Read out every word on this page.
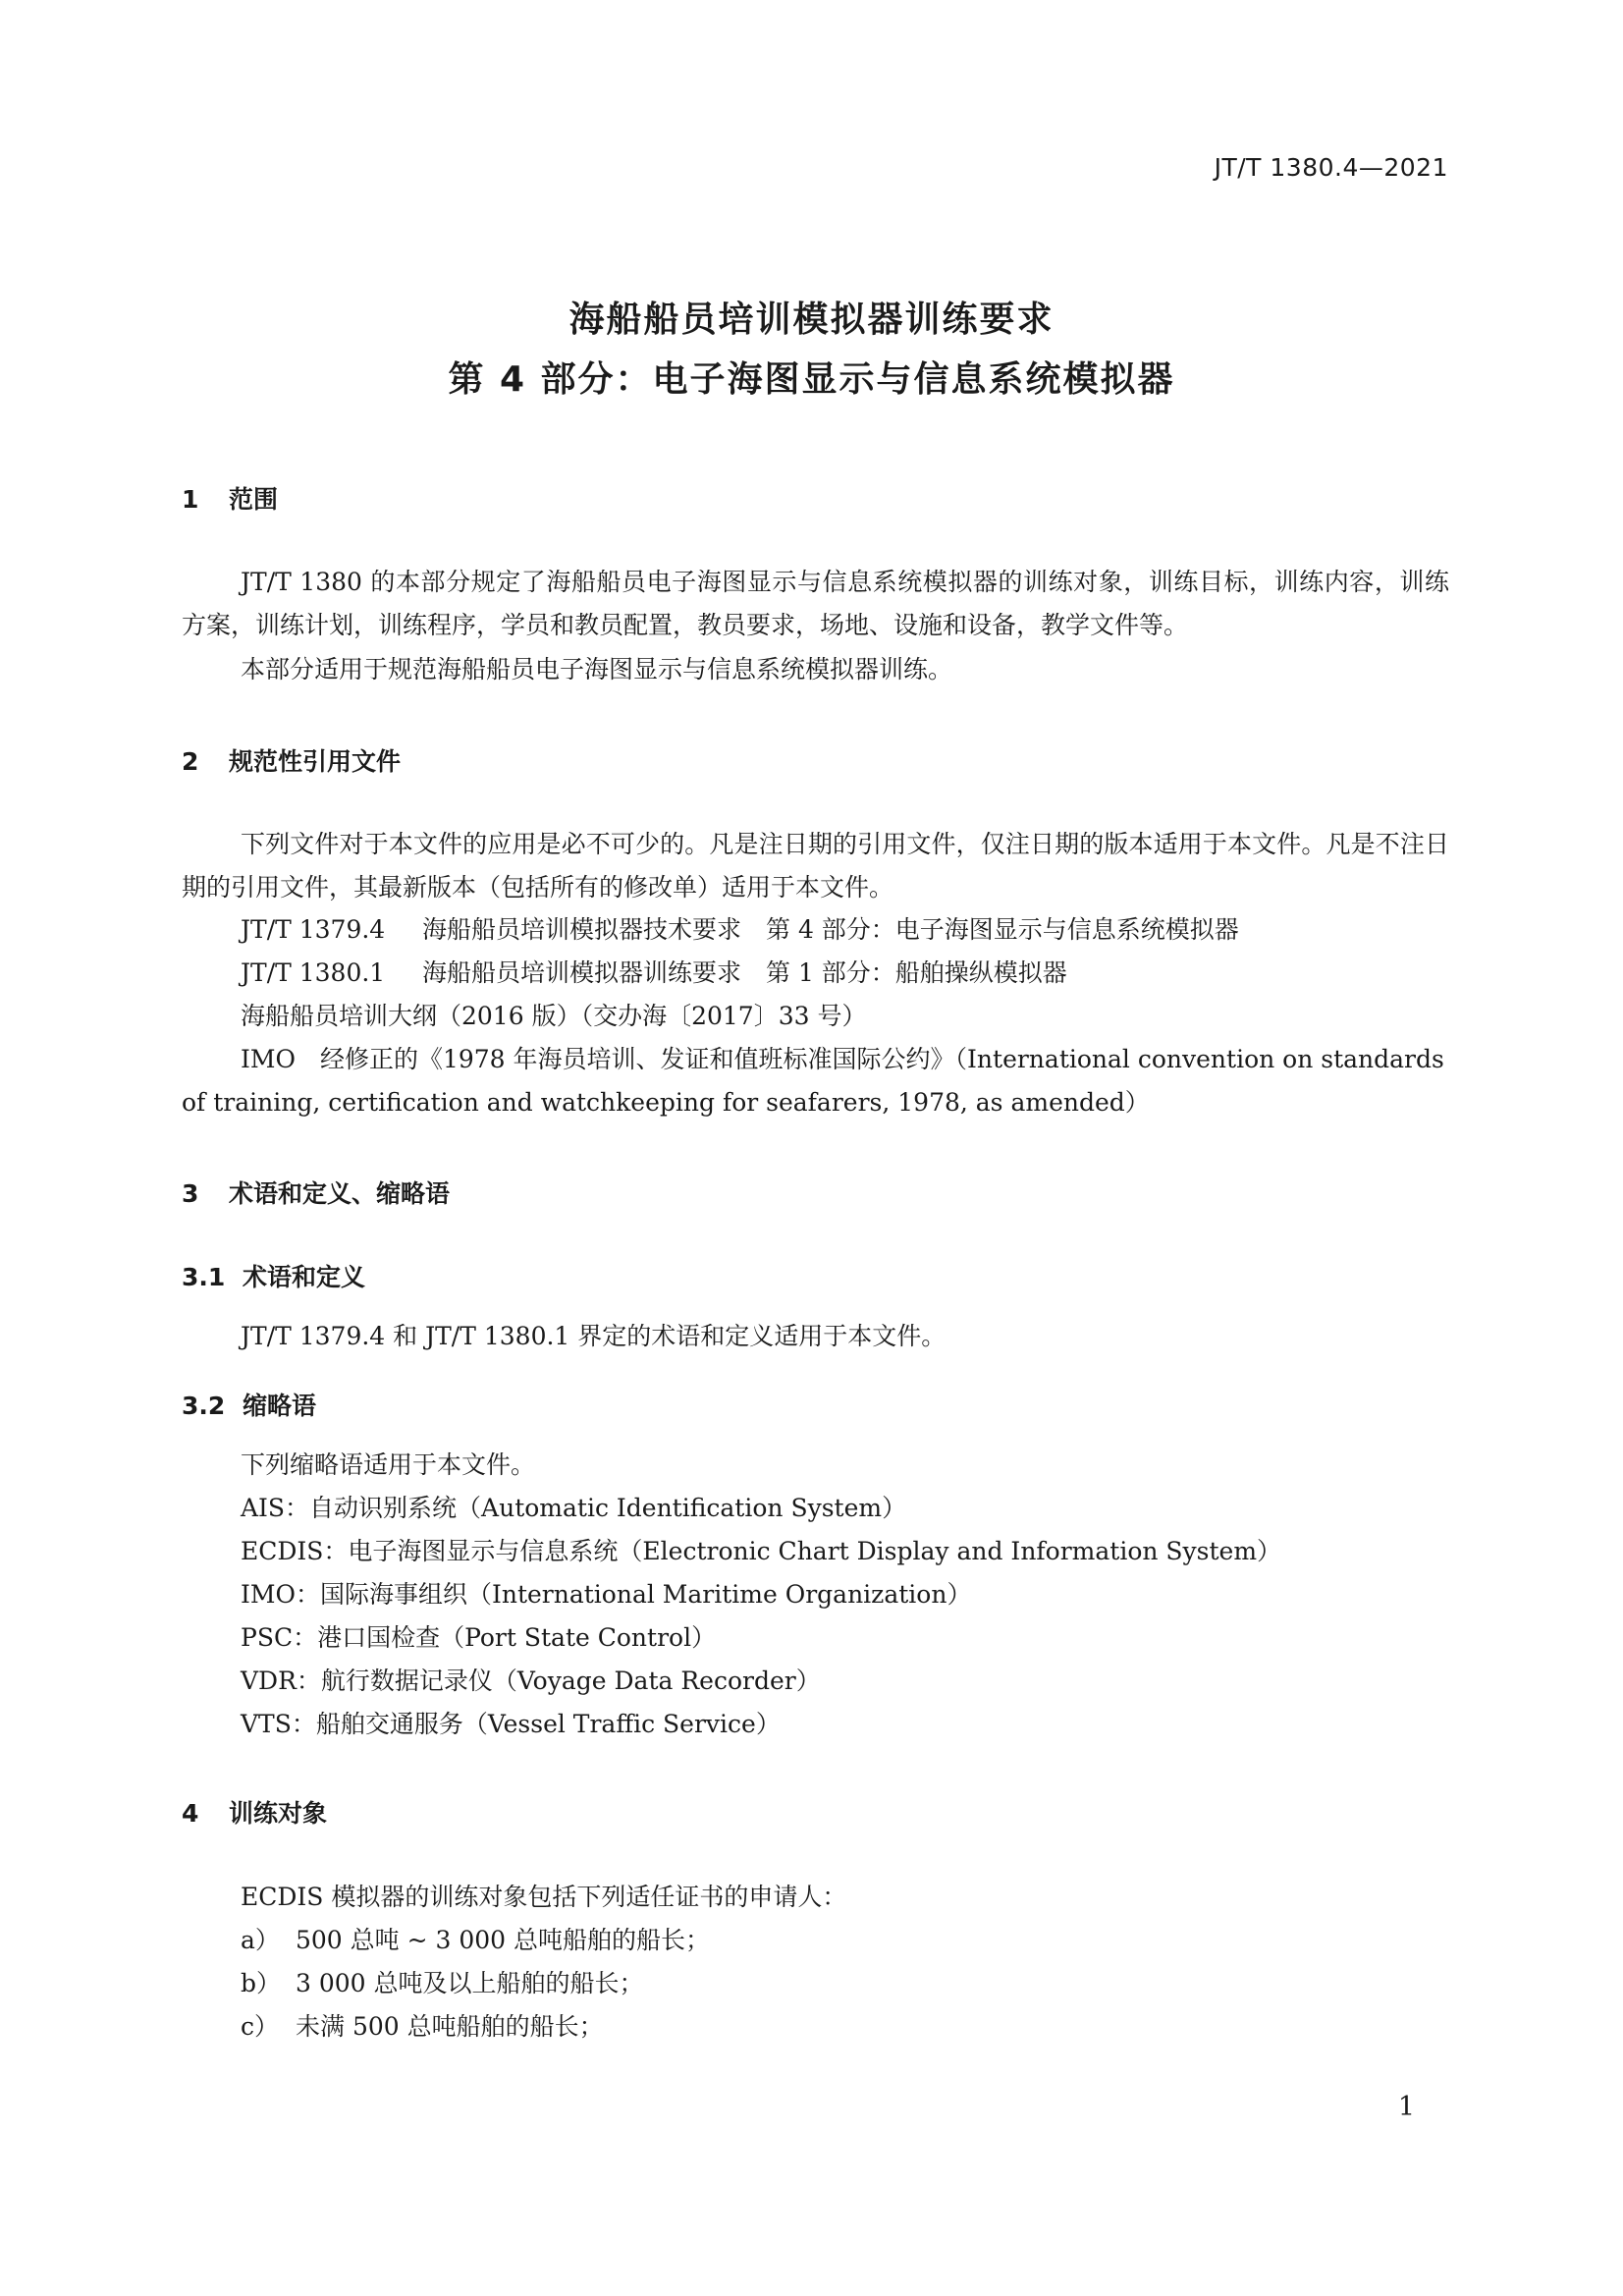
JT/T 1380.4—2021
海船船员培训模拟器训练要求
第 4 部分：电子海图显示与信息系统模拟器
1 范围
JT/T 1380 的本部分规定了海船船员电子海图显示与信息系统模拟器的训练对象，训练目标，训练内容，训练方案，训练计划，训练程序，学员和教员配置，教员要求，场地、设施和设备，教学文件等。
本部分适用于规范海船船员电子海图显示与信息系统模拟器训练。
2 规范性引用文件
下列文件对于本文件的应用是必不可少的。凡是注日期的引用文件，仅注日期的版本适用于本文件。凡是不注日期的引用文件，其最新版本（包括所有的修改单）适用于本文件。
JT/T 1379.4 海船船员培训模拟器技术要求　第 4 部分：电子海图显示与信息系统模拟器
JT/T 1380.1 海船船员培训模拟器训练要求　第 1 部分：船舶操纵模拟器
海船船员培训大纲（2016 版）（交办海〔2017〕33 号）
IMO　经修正的《1978 年海员培训、发证和值班标准国际公约》（International convention on standards
of training, certification and watchkeeping for seafarers, 1978, as amended）
3 术语和定义、缩略语
3.1 术语和定义
JT/T 1379.4 和 JT/T 1380.1 界定的术语和定义适用于本文件。
3.2 缩略语
下列缩略语适用于本文件。
AIS：自动识别系统（Automatic Identification System）
ECDIS：电子海图显示与信息系统（Electronic Chart Display and Information System）
IMO：国际海事组织（International Maritime Organization）
PSC：港口国检查（Port State Control）
VDR：航行数据记录仪（Voyage Data Recorder）
VTS：船舶交通服务（Vessel Traffic Service）
4 训练对象
ECDIS 模拟器的训练对象包括下列适任证书的申请人：
a） 500 总吨 ~ 3 000 总吨船舶的船长；
b） 3 000 总吨及以上船舶的船长；
c） 未满 500 总吨船舶的船长；
1
